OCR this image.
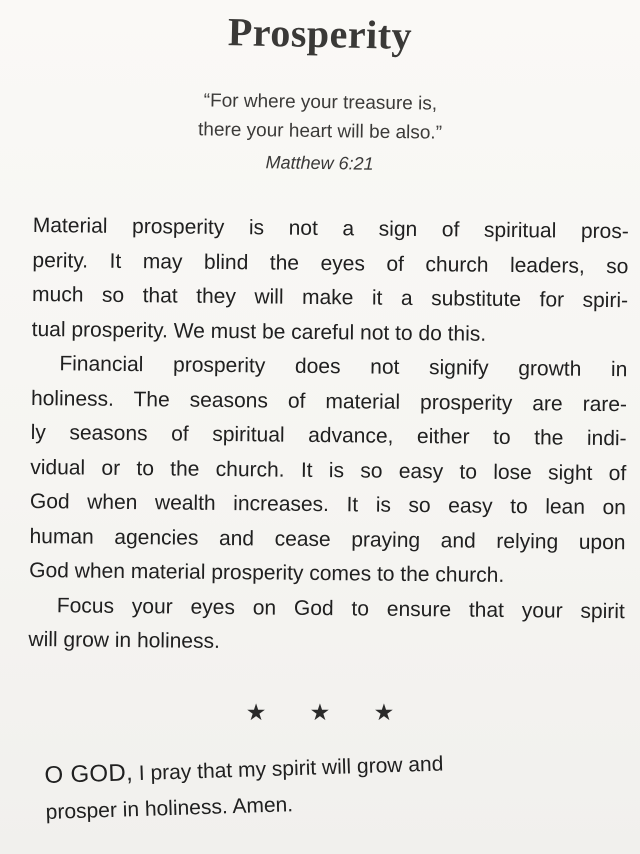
Prosperity
“For where your treasure is,
there your heart will be also.”
Matthew 6:21
Material prosperity is not a sign of spiritual pros-
perity. It may blind the eyes of church leaders, so
much so that they will make it a substitute for spiri-
tual prosperity. We must be careful not to do this.
Financial prosperity does not signify growth in
holiness. The seasons of material prosperity are rare-
ly seasons of spiritual advance, either to the indi-
vidual or to the church. It is so easy to lose sight of
God when wealth increases. It is so easy to lean on
human agencies and cease praying and relying upon
God when material prosperity comes to the church.
Focus your eyes on God to ensure that your spirit
will grow in holiness.
★ ★ ★
O GOD, I pray that my spirit will grow and
prosper in holiness. Amen.
